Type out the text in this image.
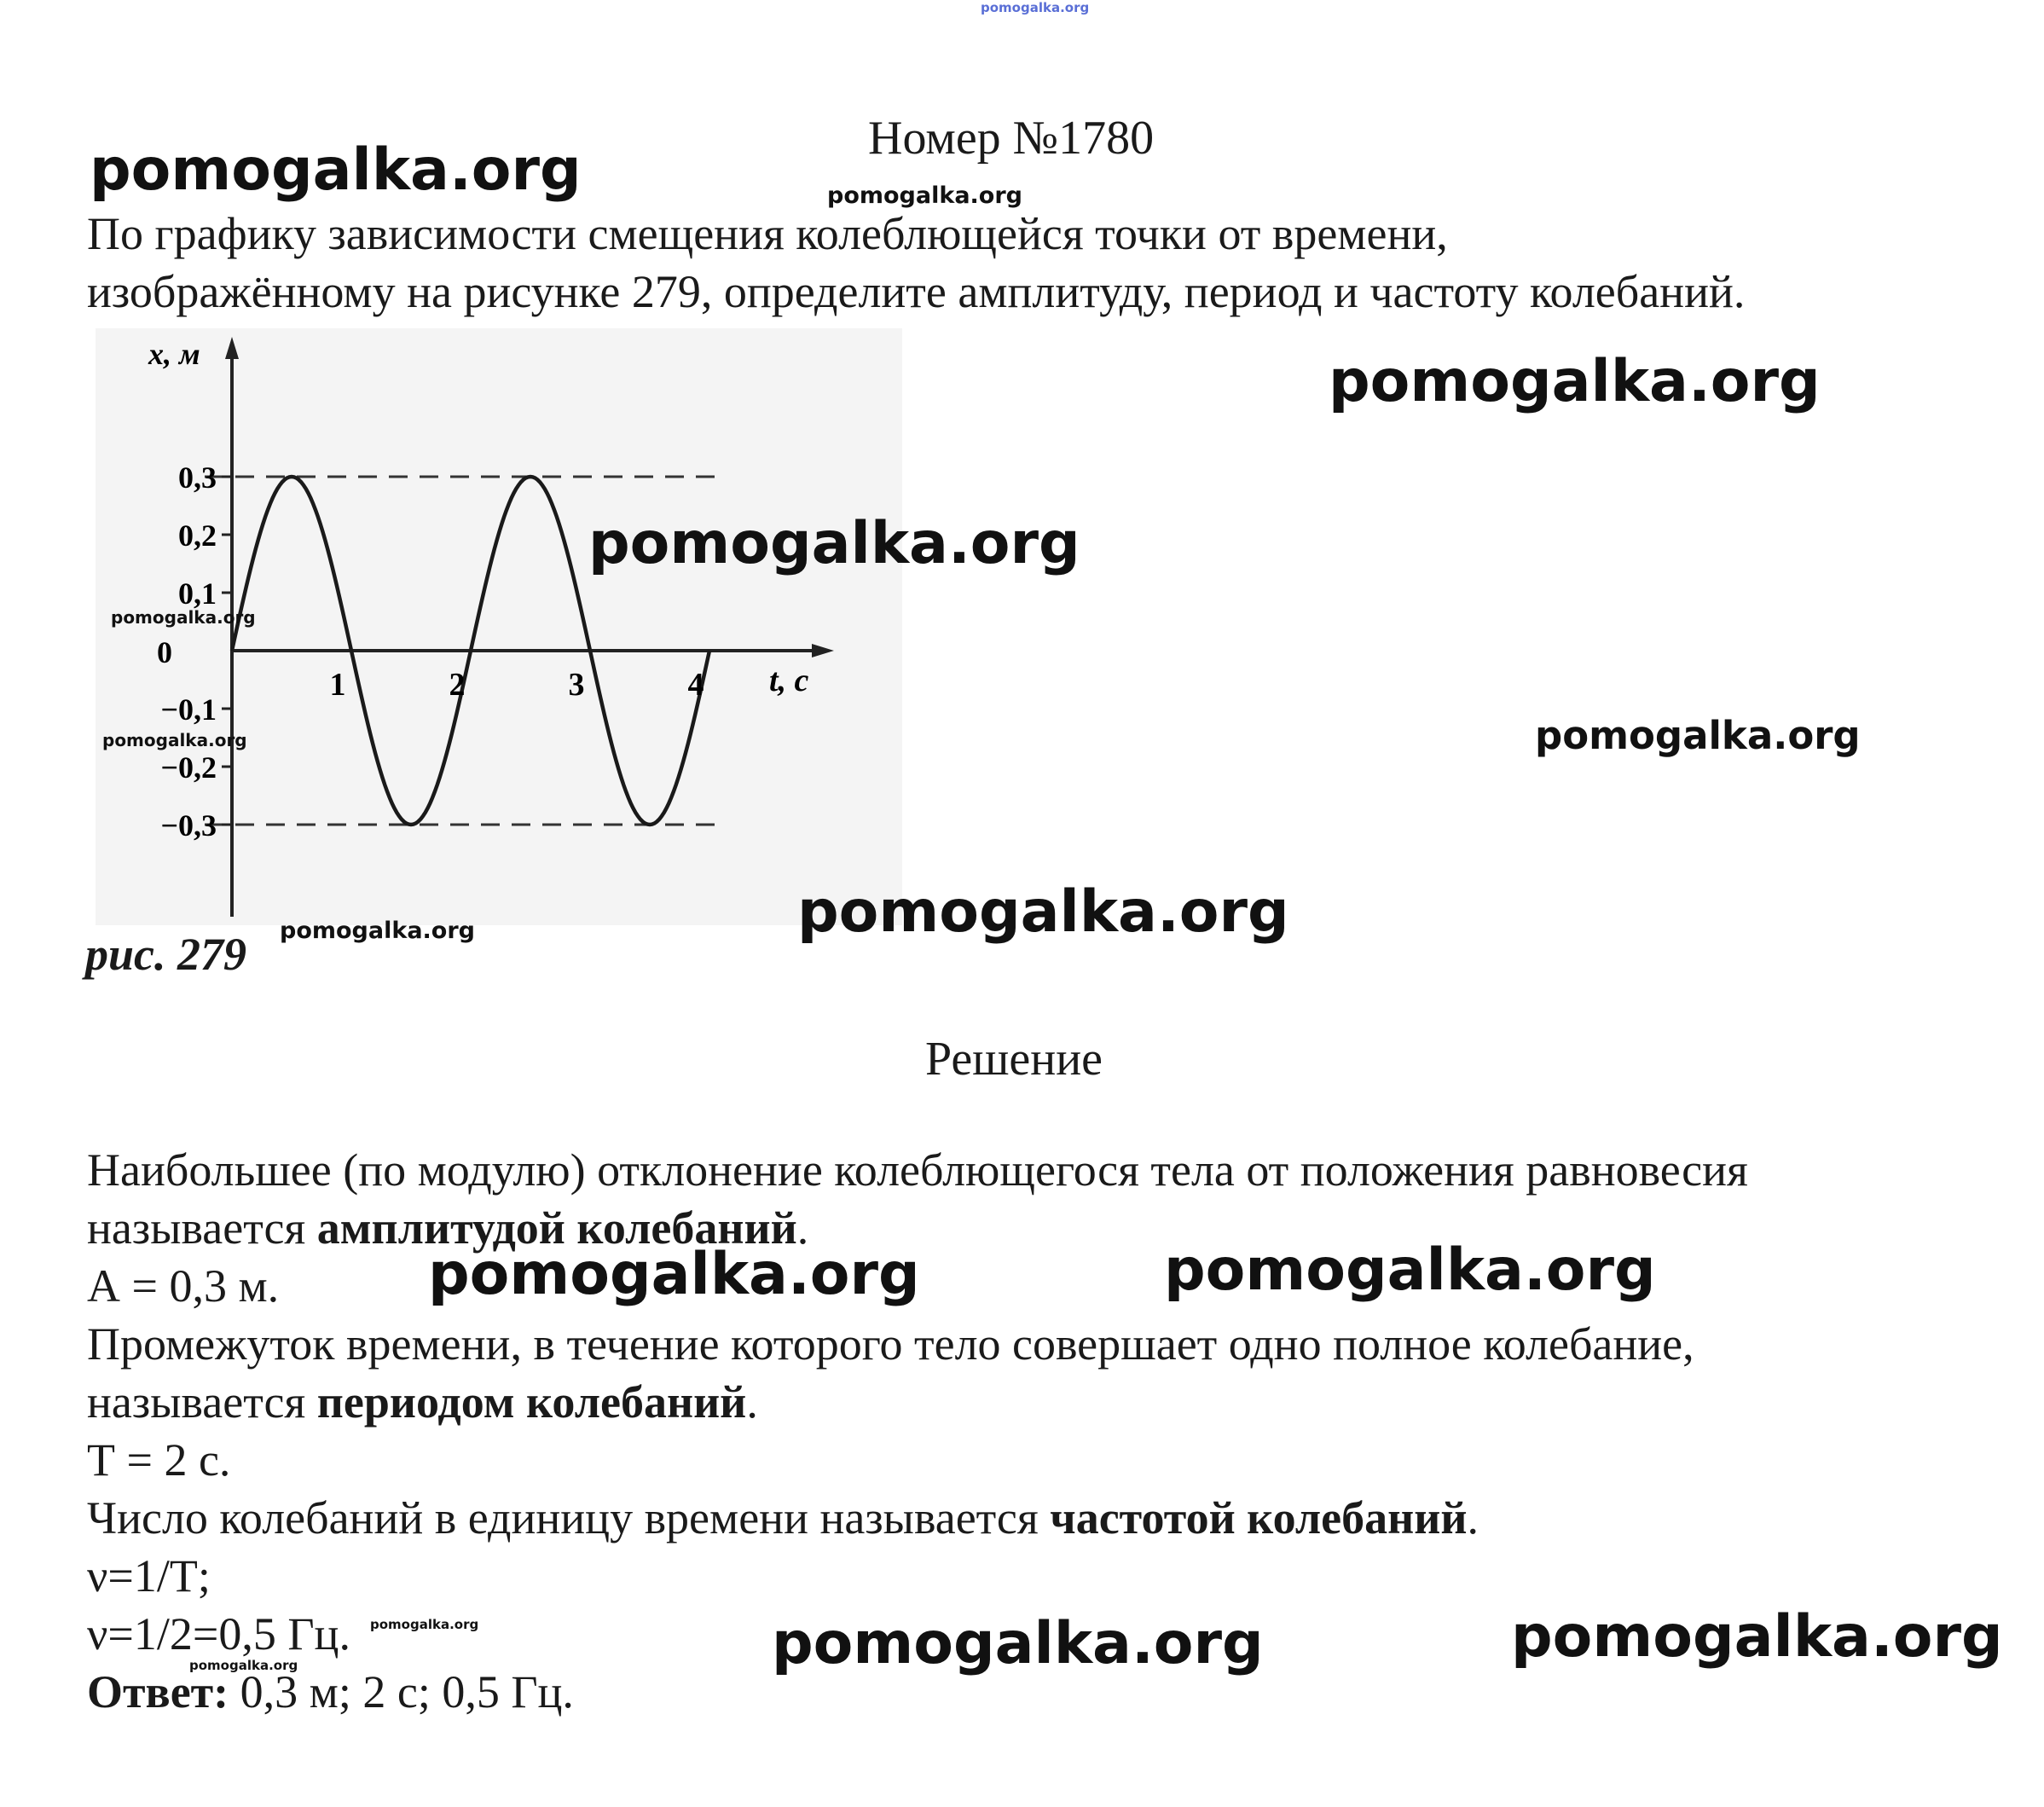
pomogalka.org
Номер №1780
pomogalka.org	pomogalka.org
По графику зависимости смещения колеблющейся точки от времени,
изображённому на рисунке 279, определите амплитуду, период и частоту колебаний.
0,3
0,2
0,1
−0,1
−0,2
−0,3
1	2	3	4
x, м
t, с
0
pomogalka.org
pomogalka.org
pomogalka.org
pomogalka.org
pomogalka.org
pomogalka.org
рис. 279 pomogalka.org
Решение
Наибольшее (по модулю) отклонение колеблющегося тела от положения равновесия
называется амплитудой колебаний.
А = 0,3 м.	pomogalka.org	pomogalka.org
Промежуток времени, в течение которого тело совершает одно полное колебание,
называется периодом колебаний.
Т = 2 с.
Число колебаний в единицу времени называется частотой колебаний.
ν=1/Т;
ν=1/2=0,5 Гц. pomogalka.org	pomogalka.org	pomogalka.org
Ответ: 0,3 м; 2 с; 0,5 Гц.
pomogalka.org
